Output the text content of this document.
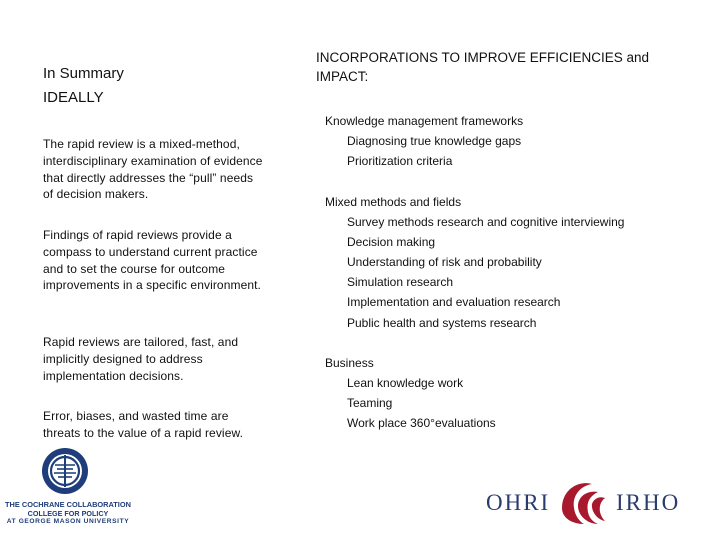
In Summary
IDEALLY

The rapid review is a mixed-method, interdisciplinary examination of evidence that directly addresses the “pull” needs of decision makers.

Findings of rapid reviews provide a compass to understand current practice and to set the course for outcome improvements in a specific environment.

Rapid reviews are tailored, fast, and implicitly designed to address implementation decisions.

Error, biases, and wasted time are threats to the value of a rapid review.

INCORPORATIONS TO IMPROVE EFFICIENCIES and
IMPACT:
Knowledge management frameworks
Diagnosing true knowledge gaps
Prioritization criteria
Mixed methods and fields
Survey methods research and cognitive interviewing
Decision making
Understanding of risk and probability
Simulation research
Implementation and evaluation research
Public health and systems research
Business
Lean knowledge work
Teaming
Work place 360°evaluations
THE COCHRANE COLLABORATION
COLLEGE FOR POLICY
AT GEORGE MASON UNIVERSITY
OHRI	IRHO
